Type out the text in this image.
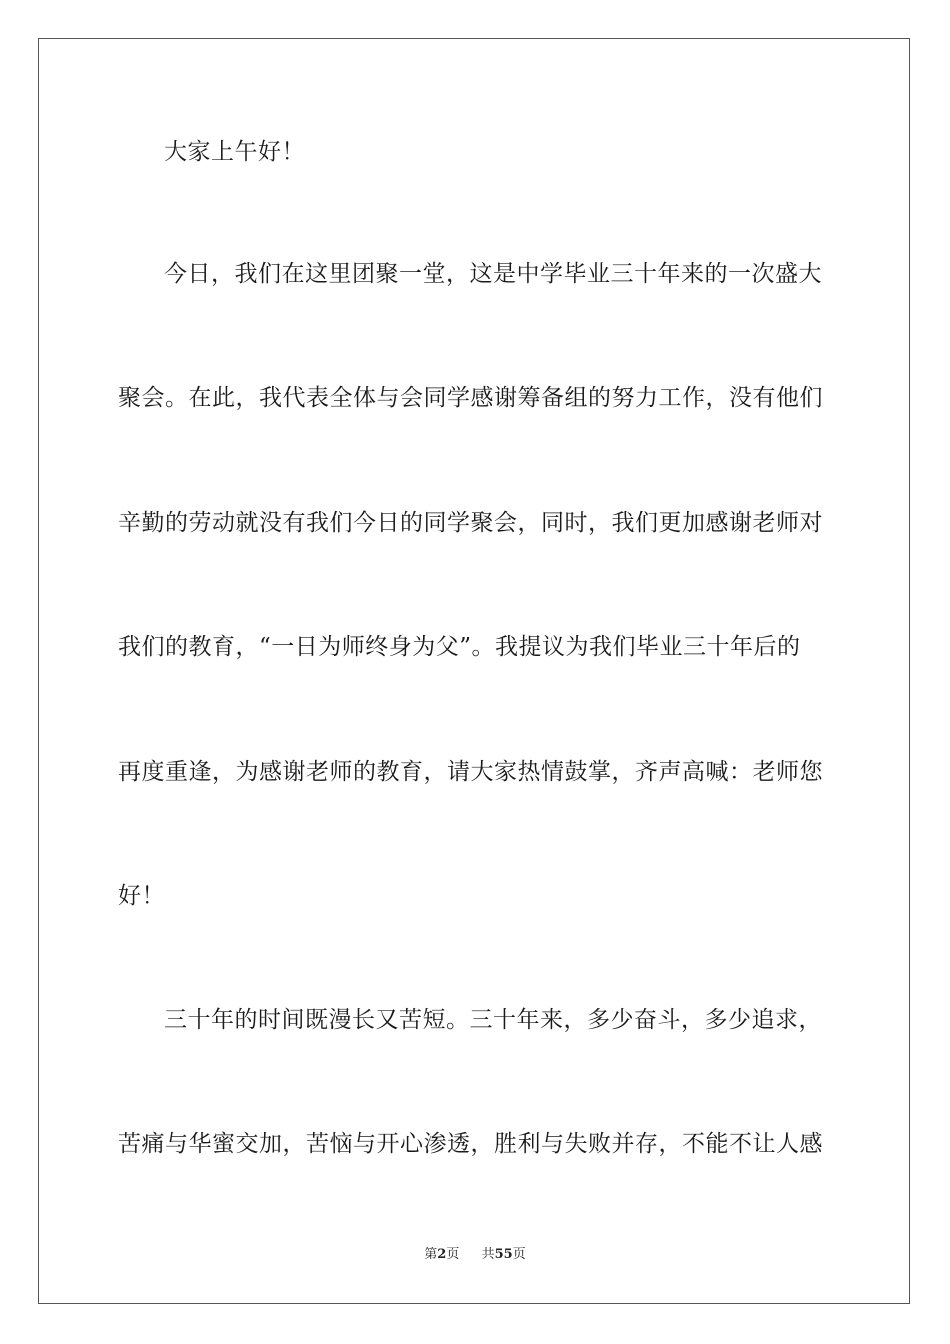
大家上午好！
今日，我们在这里团聚一堂，这是中学毕业三十年来的一次盛大
聚会。在此，我代表全体与会同学感谢筹备组的努力工作，没有他们
辛勤的劳动就没有我们今日的同学聚会，同时，我们更加感谢老师对
我们的教育，“一日为师终身为父”。我提议为我们毕业三十年后的
再度重逢，为感谢老师的教育，请大家热情鼓掌，齐声高喊：老师您
好！
三十年的时间既漫长又苦短。三十年来，多少奋斗，多少追求，
苦痛与华蜜交加，苦恼与开心渗透，胜利与失败并存，不能不让人感
第2页 共55页
